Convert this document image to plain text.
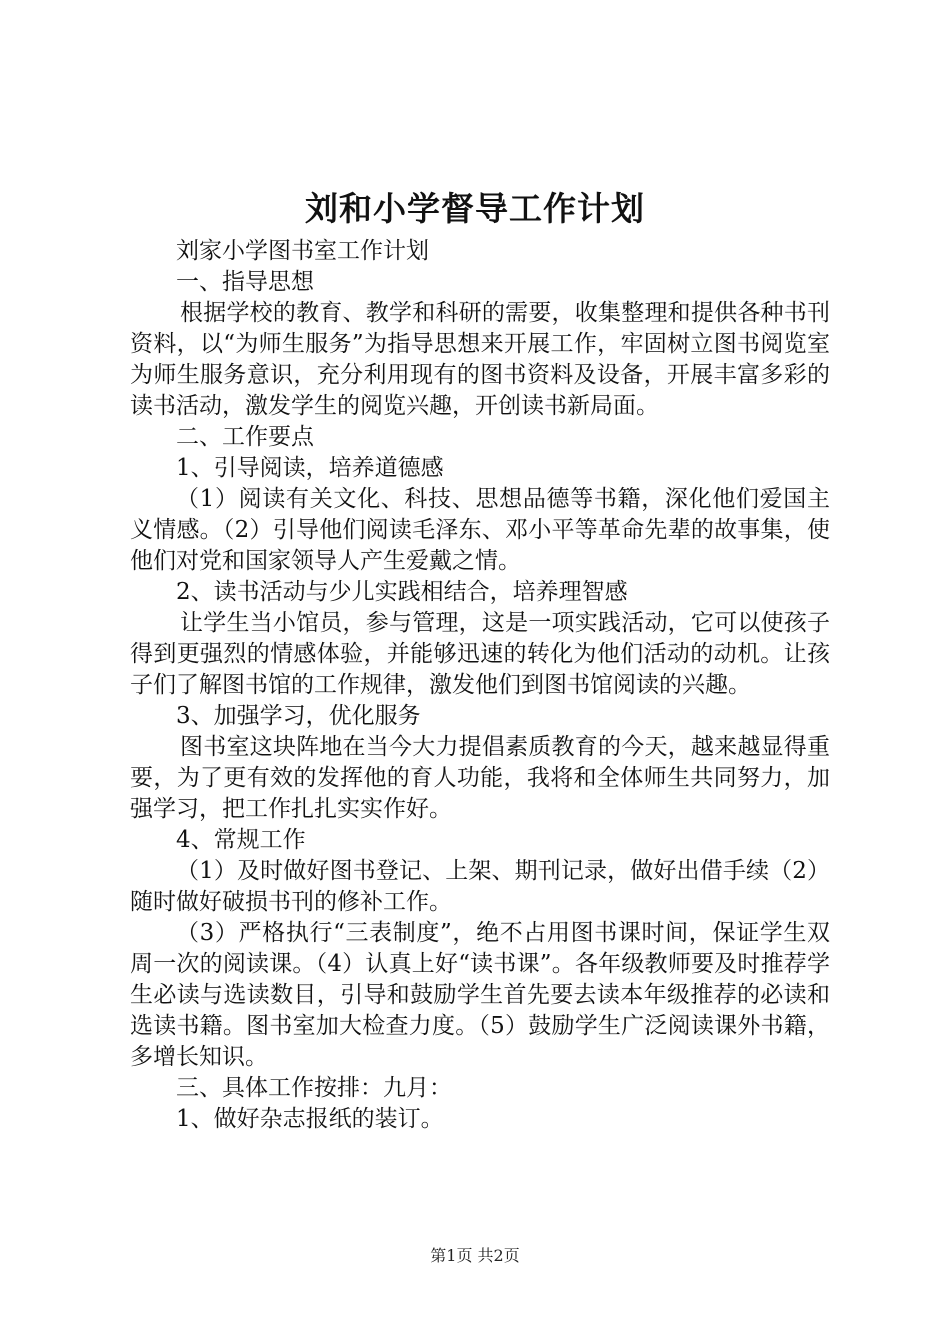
刘和小学督导工作计划

刘家小学图书室工作计划

一、指导思想

根据学校的教育、教学和科研的需要，收集整理和提供各种书刊资料，以“为师生服务”为指导思想来开展工作，牢固树立图书阅览室为师生服务意识，充分利用现有的图书资料及设备，开展丰富多彩的读书活动，激发学生的阅览兴趣，开创读书新局面。

二、工作要点

1、引导阅读，培养道德感

（1）阅读有关文化、科技、思想品德等书籍，深化他们爱国主义情感。（2）引导他们阅读毛泽东、邓小平等革命先辈的故事集，使他们对党和国家领导人产生爱戴之情。

2、读书活动与少儿实践相结合，培养理智感

让学生当小馆员，参与管理，这是一项实践活动，它可以使孩子得到更强烈的情感体验，并能够迅速的转化为他们活动的动机。让孩子们了解图书馆的工作规律，激发他们到图书馆阅读的兴趣。

3、加强学习，优化服务

图书室这块阵地在当今大力提倡素质教育的今天，越来越显得重要，为了更有效的发挥他的育人功能，我将和全体师生共同努力，加强学习，把工作扎扎实实作好。

4、常规工作

（1）及时做好图书登记、上架、期刊记录，做好出借手续（2）随时做好破损书刊的修补工作。

（3）严格执行“三表制度”，绝不占用图书课时间，保证学生双周一次的阅读课。（4）认真上好“读书课”。各年级教师要及时推荐学生必读与选读数目，引导和鼓励学生首先要去读本年级推荐的必读和选读书籍。图书室加大检查力度。（5）鼓励学生广泛阅读课外书籍，多增长知识。

三、具体工作按排：九月：

1、做好杂志报纸的装订。

第1页 共2页
